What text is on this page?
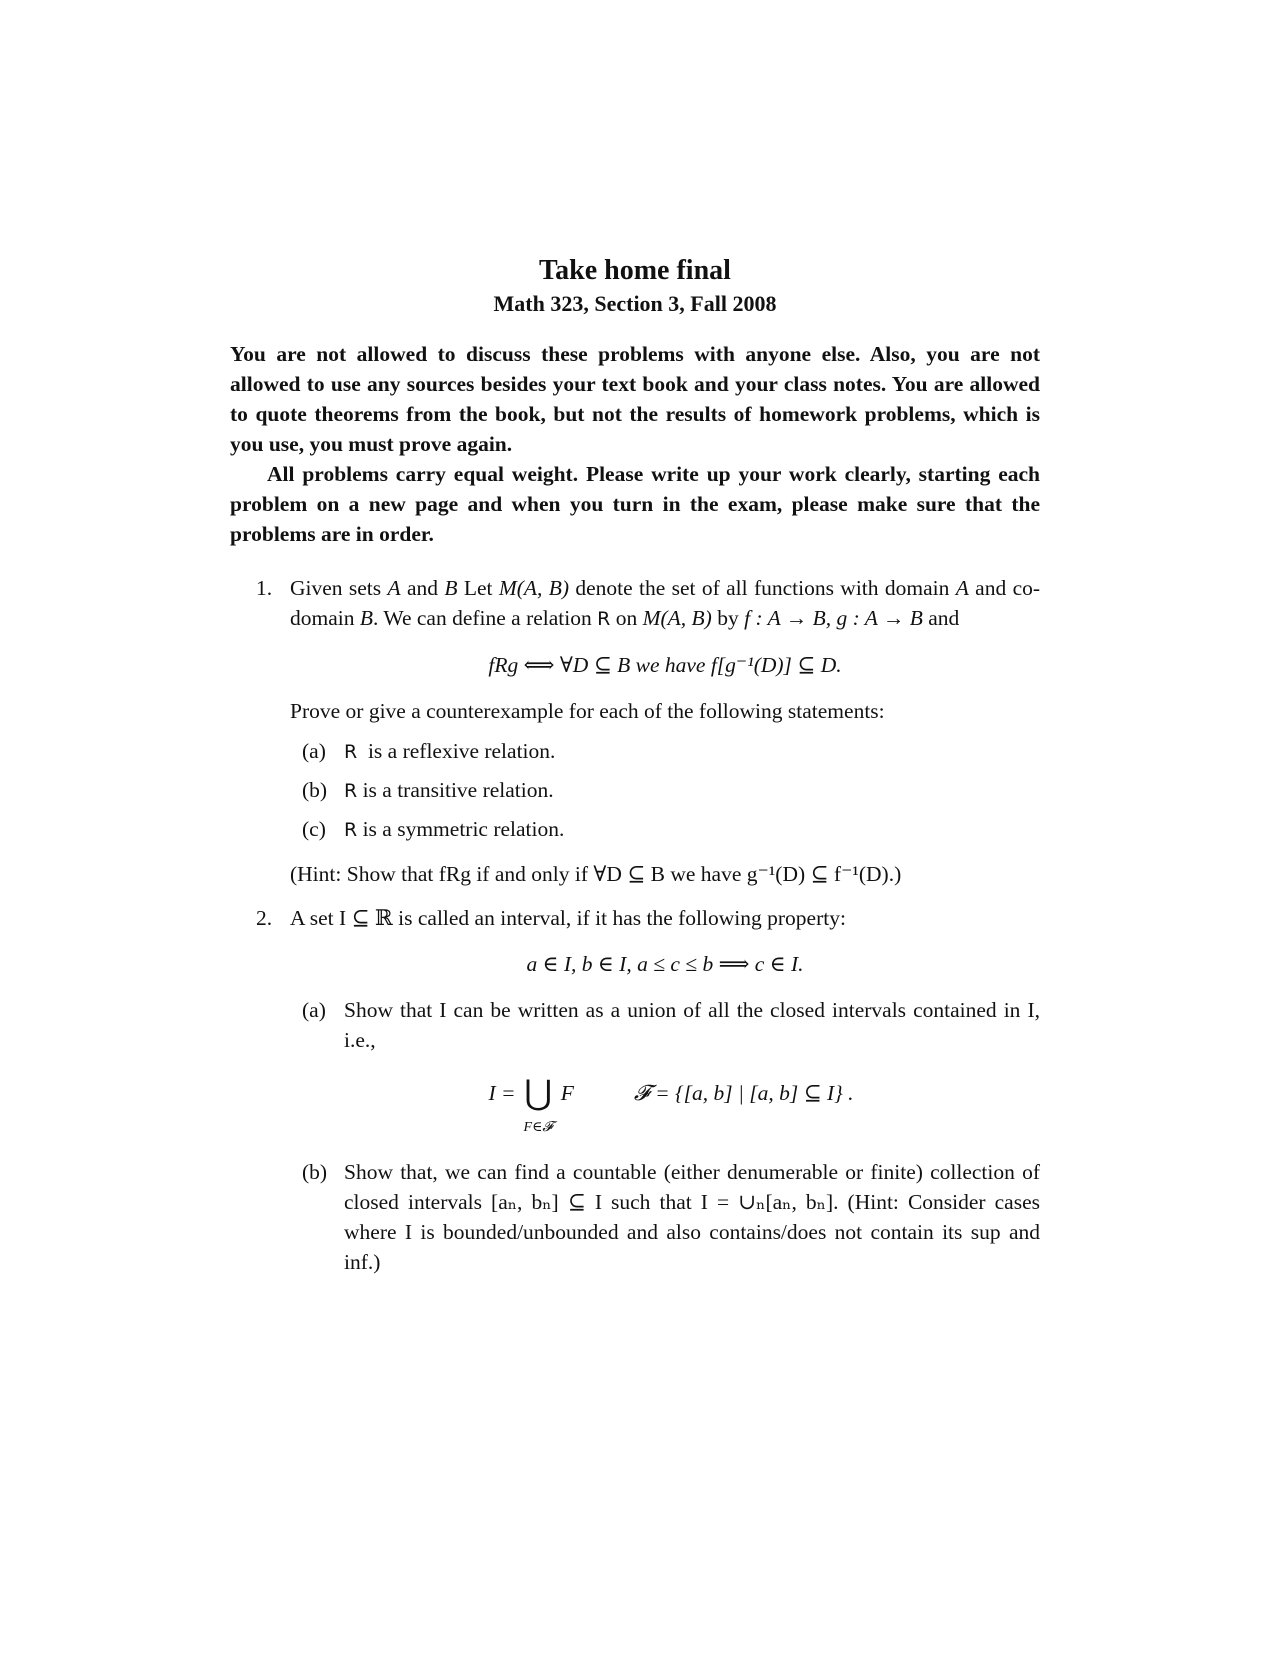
Take home final
Math 323, Section 3, Fall 2008

You are not allowed to discuss these problems with anyone else. Also, you are not allowed to use any sources besides your text book and your class notes. You are allowed to quote theorems from the book, but not the results of homework problems, which is you use, you must prove again.

All problems carry equal weight. Please write up your work clearly, starting each problem on a new page and when you turn in the exam, please make sure that the problems are in order.

1. Given sets A and B Let M(A, B) denote the set of all functions with domain A and co-domain B. We can define a relation R on M(A, B) by f : A → B, g : A → B and
fRg ⟺ ∀D ⊆ B we have f[g⁻¹(D)] ⊆ D.
Prove or give a counterexample for each of the following statements:
(a) R is a reflexive relation.
(b) R is a transitive relation.
(c) R is a symmetric relation.
(Hint: Show that fRg if and only if ∀D ⊆ B we have g⁻¹(D) ⊆ f⁻¹(D).)
2. A set I ⊆ ℝ is called an interval, if it has the following property:
a ∈ I, b ∈ I, a ≤ c ≤ b ⟹ c ∈ I.
(a) Show that I can be written as a union of all the closed intervals contained in I, i.e.,
I = ⋃
F∈𝓕
F	𝓕 = {[a, b] | [a, b] ⊆ I} .
(b) Show that, we can find a countable (either denumerable or finite) collection of closed intervals [aₙ, bₙ] ⊆ I such that I = ∪ₙ[aₙ, bₙ]. (Hint: Consider cases where I is bounded/unbounded and also contains/does not contain its sup and inf.)
